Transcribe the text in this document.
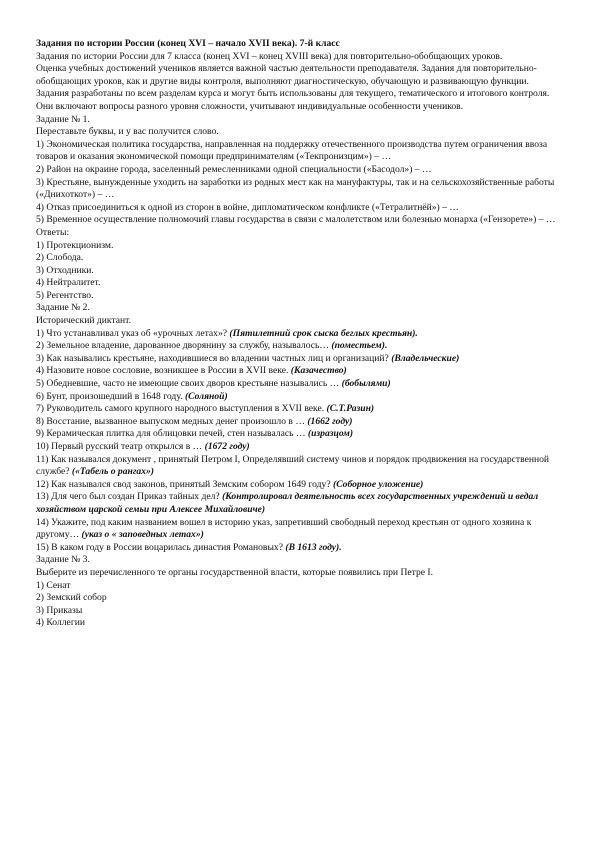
Задания по истории России (конец XVI – начало XVII века). 7-й класс
Задания по истории России для 7 класса (конец XVI – конец XVIII века) для повторительно-обобщающих уроков.
Оценка учебных достижений учеников является важной частью деятельности преподавателя. Задания для повторительно-обобщающих уроков, как и другие виды контроля, выполняют диагностическую, обучающую и развивающую функции. Задания разработаны по всем разделам курса и могут быть использованы для текущего, тематического и итогового контроля. Они включают вопросы разного уровня сложности, учитывают индивидуальные особенности учеников.
Задание № 1.
Переставьте буквы, и у вас получится слово.
1) Экономическая политика государства, направленная на поддержку отечественного производства путем ограничения ввоза товаров и оказания экономической помощи предпринимателям («Текпронизцим») – …
2) Район на окраине города, заселенный ремесленниками одной специальности («Басодол») – …
3) Крестьяне, вынужденные уходить на заработки из родных мест как на мануфактуры, так и на сельскохозяйственные работы («Днихоткот») – …
4) Отказ присоединиться к одной из сторон в войне, дипломатическом конфликте («Тетралитнёй») – …
5) Временное осуществление полномочий главы государства в связи с малолетством или болезнью монарха («Гензорете») – …
Ответы:
1) Протекционизм.
2) Слобода.
3) Отходники.
4) Нейтралитет.
5) Регентство.
Задание № 2.
Исторический диктант.
1) Что устанавливал указ об «урочных летах»? (Пятилетний срок сыска беглых крестьян).
2) Земельное владение, дарованное дворянину за службу, называлось… (поместьем).
3) Как назывались крестьяне, находившиеся во владении частных лиц и организаций? (Владельческие)
4) Назовите новое сословие, возникшее в России в XVII веке. (Казачество)
5) Обедневшие, часто не имеющие своих дворов крестьяне назывались … (бобылями)
6) Бунт, произошедший в 1648 году. (Соляной)
7) Руководитель самого крупного народного выступления в XVII веке. (С.Т.Разин)
8) Восстание, вызванное выпуском медных денег произошло в … (1662 году)
9) Керамическая плитка для облицовки печей, стен называлась … (изразцом)
10) Первый русский театр открылся в … (1672 году)
11) Как назывался документ , принятый Петром I, Определявший систему чинов и порядок продвижения на государственной службе? («Табель о рангах»)
12) Как назывался свод законов, принятый Земским собором 1649 году? (Соборное уложение)
13) Для чего был создан Приказ тайных дел? (Контролировал деятельность всех государственных учреждений и ведал хозяйством царской семьи при Алексее Михайловиче)
14) Укажите, под каким названием вошел в историю указ, запретивший свободный переход крестьян от одного хозяина к другому… (указ о « заповедных летах»)
15) В каком году в России воцарилась династия Романовых? (В 1613 году).
Задание № 3.
Выберите из перечисленного те органы государственной власти, которые появились при Петре I.
1) Сенат
2) Земский собор
3) Приказы
4) Коллегии
